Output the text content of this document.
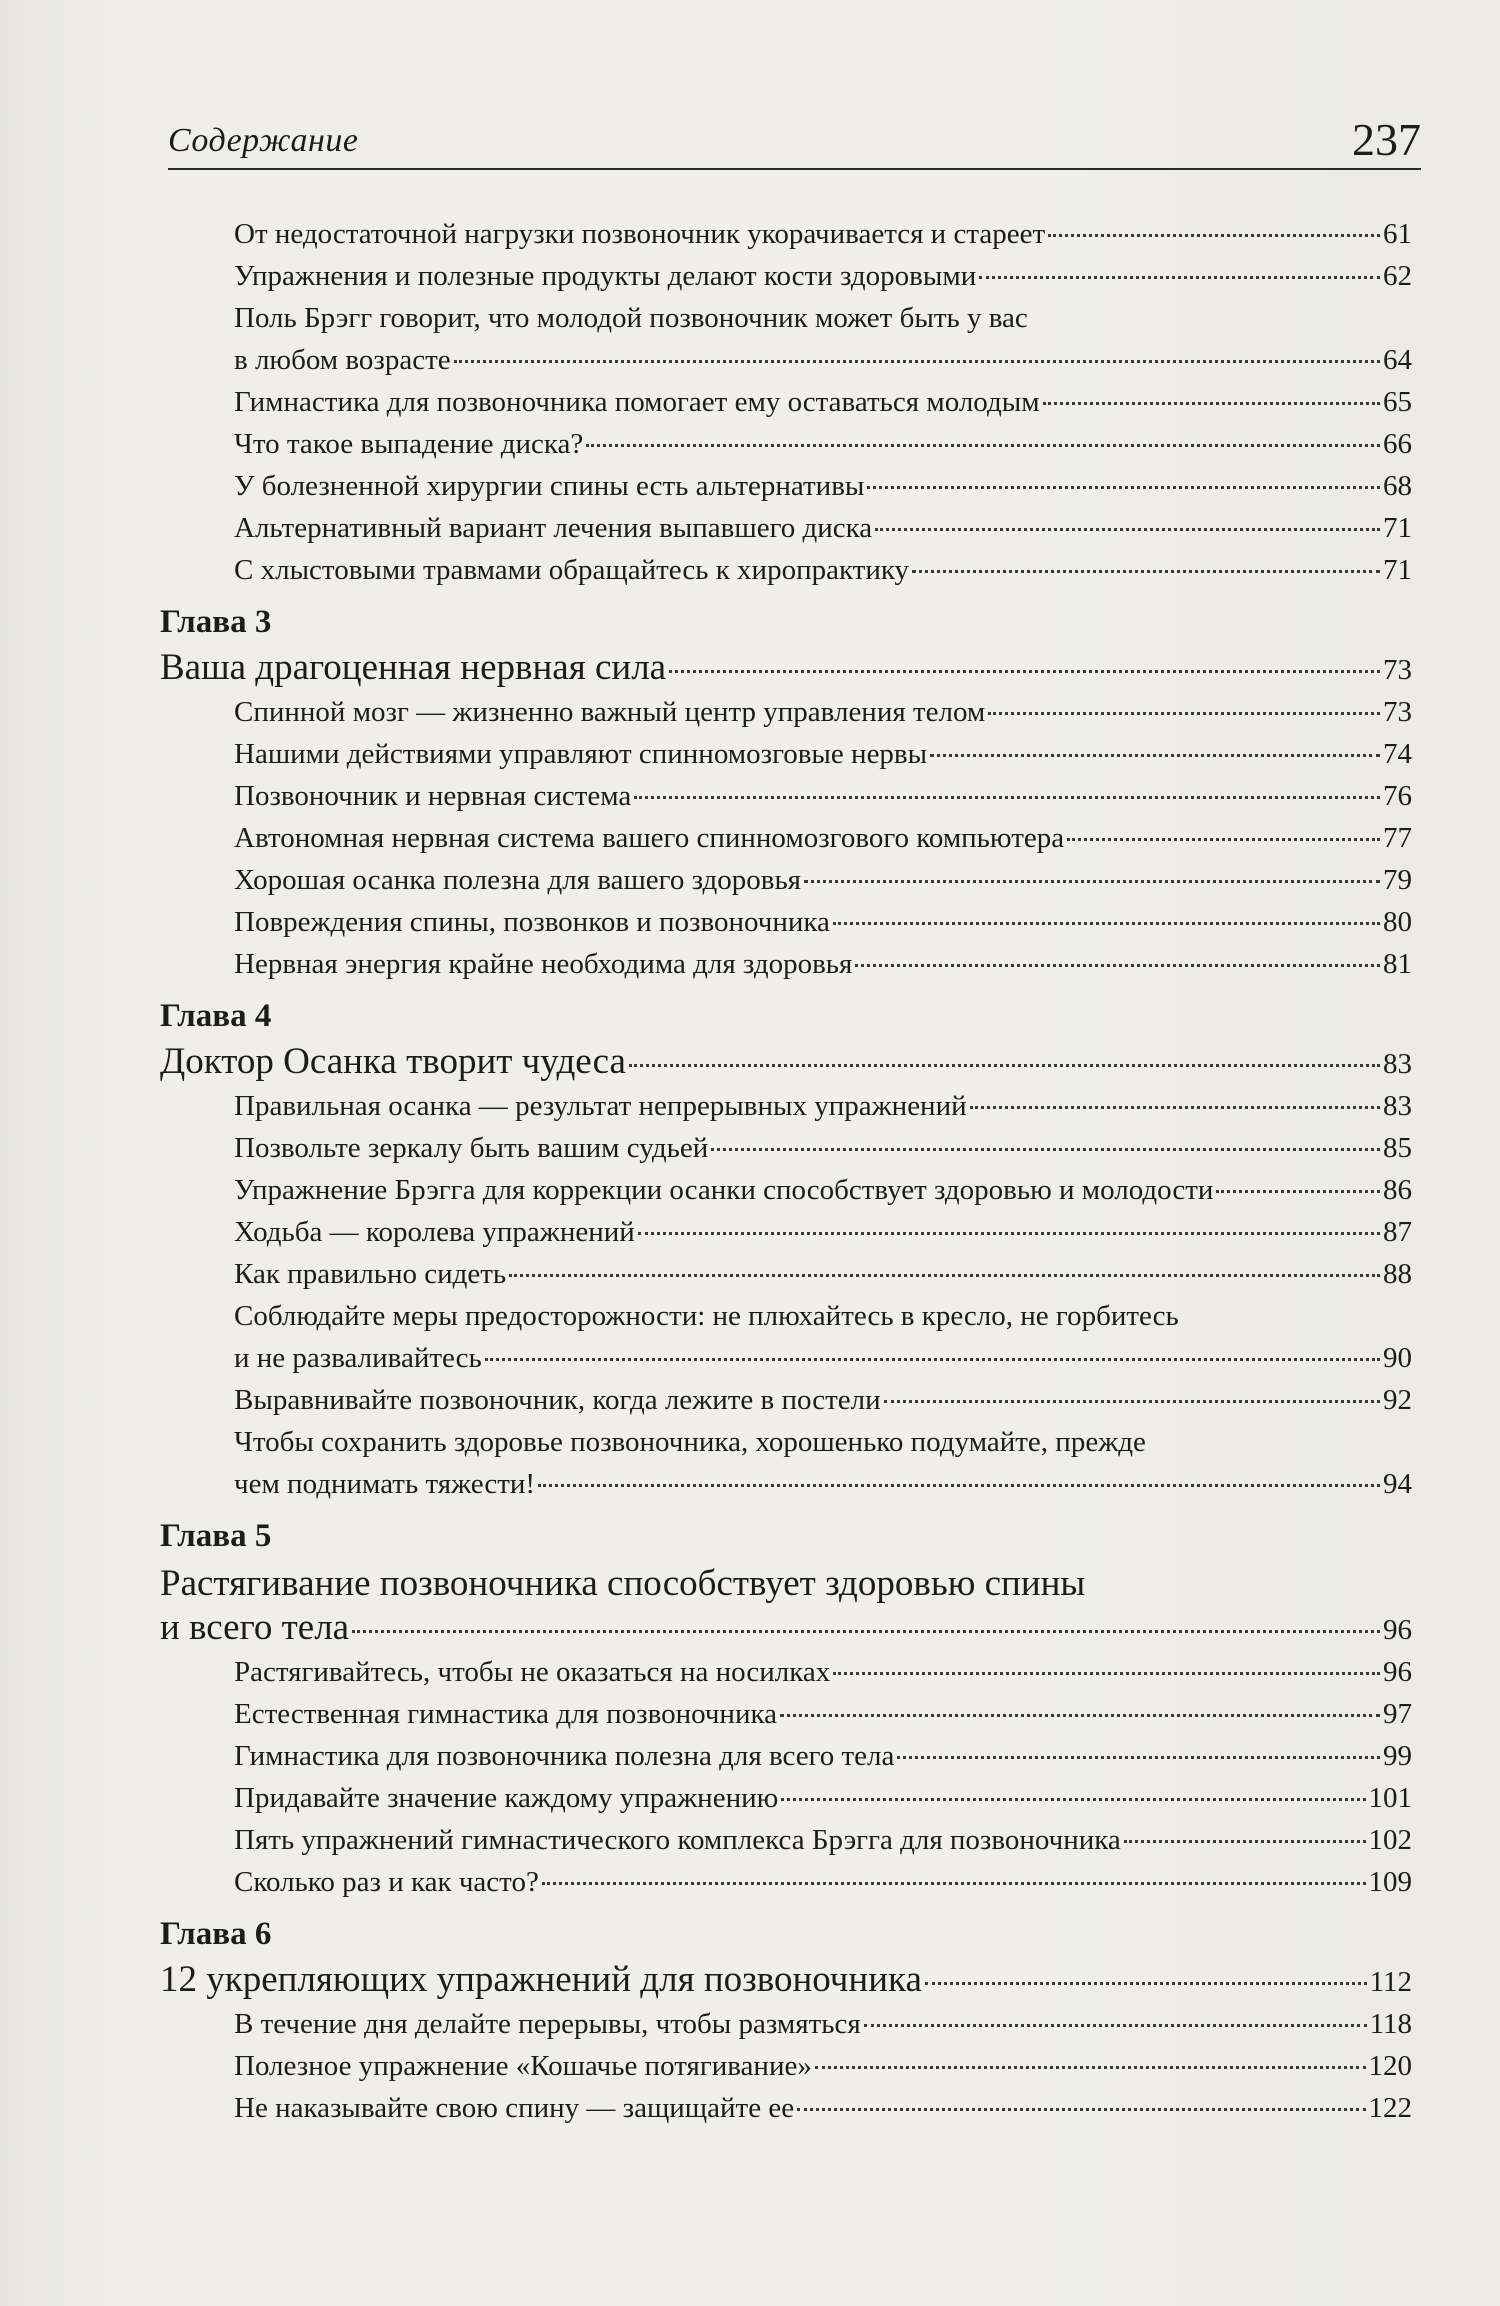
Содержание	237
От недостаточной нагрузки позвоночник укорачивается и стареет	61
Упражнения и полезные продукты делают кости здоровыми	62
Поль Брэгг говорит, что молодой позвоночник может быть у вас
в любом возрасте	64
Гимнастика для позвоночника помогает ему оставаться молодым	65
Что такое выпадение диска?	66
У болезненной хирургии спины есть альтернативы	68
Альтернативный вариант лечения выпавшего диска	71
С хлыстовыми травмами обращайтесь к хиропрактику	71
Глава 3
Ваша драгоценная нервная сила	73
Спинной мозг — жизненно важный центр управления телом	73
Нашими действиями управляют спинномозговые нервы	74
Позвоночник и нервная система	76
Автономная нервная система вашего спинномозгового компьютера	77
Хорошая осанка полезна для вашего здоровья	79
Повреждения спины, позвонков и позвоночника	80
Нервная энергия крайне необходима для здоровья	81
Глава 4
Доктор Осанка творит чудеса	83
Правильная осанка — результат непрерывных упражнений	83
Позвольте зеркалу быть вашим судьей	85
Упражнение Брэгга для коррекции осанки способствует здоровью и молодости	86
Ходьба — королева упражнений	87
Как правильно сидеть	88
Соблюдайте меры предосторожности: не плюхайтесь в кресло, не горбитесь
и не разваливайтесь	90
Выравнивайте позвоночник, когда лежите в постели	92
Чтобы сохранить здоровье позвоночника, хорошенько подумайте, прежде
чем поднимать тяжести!	94
Глава 5
Растягивание позвоночника способствует здоровью спины
и всего тела	96
Растягивайтесь, чтобы не оказаться на носилках	96
Естественная гимнастика для позвоночника	97
Гимнастика для позвоночника полезна для всего тела	99
Придавайте значение каждому упражнению	101
Пять упражнений гимнастического комплекса Брэгга для позвоночника	102
Сколько раз и как часто?	109
Глава 6
12 укрепляющих упражнений для позвоночника	112
В течение дня делайте перерывы, чтобы размяться	118
Полезное упражнение «Кошачье потягивание»	120
Не наказывайте свою спину — защищайте ее	122
